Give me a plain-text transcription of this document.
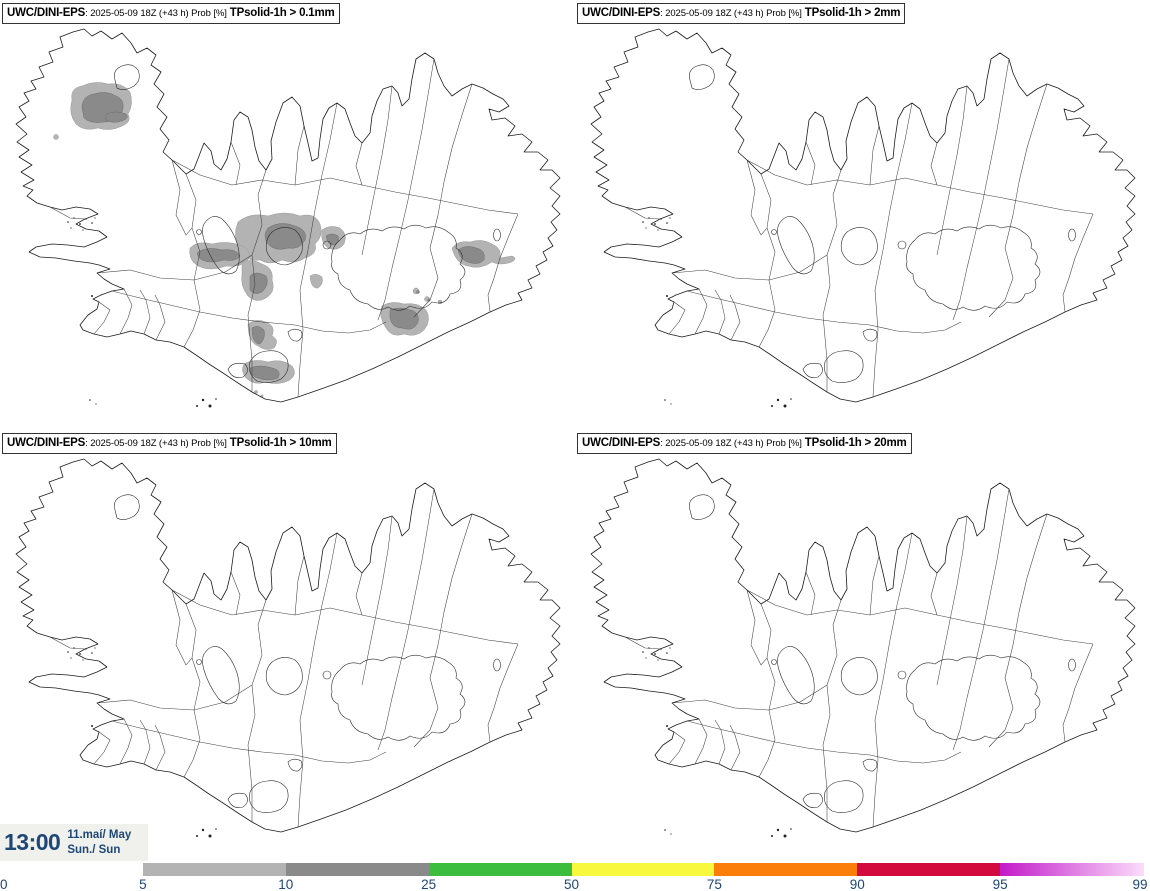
UWC/DINI-EPS: 2025-05-09 18Z (+43 h) Prob [%] TPsolid-1h > 0.1mm	UWC/DINI-EPS: 2025-05-09 18Z (+43 h) Prob [%] TPsolid-1h > 2mm
UWC/DINI-EPS: 2025-05-09 18Z (+43 h) Prob [%] TPsolid-1h > 10mm	UWC/DINI-EPS: 2025-05-09 18Z (+43 h) Prob [%] TPsolid-1h > 20mm
13:00 11.maí/ May
Sun./ Sun
0	5	10	25	50	75	90	95	99
